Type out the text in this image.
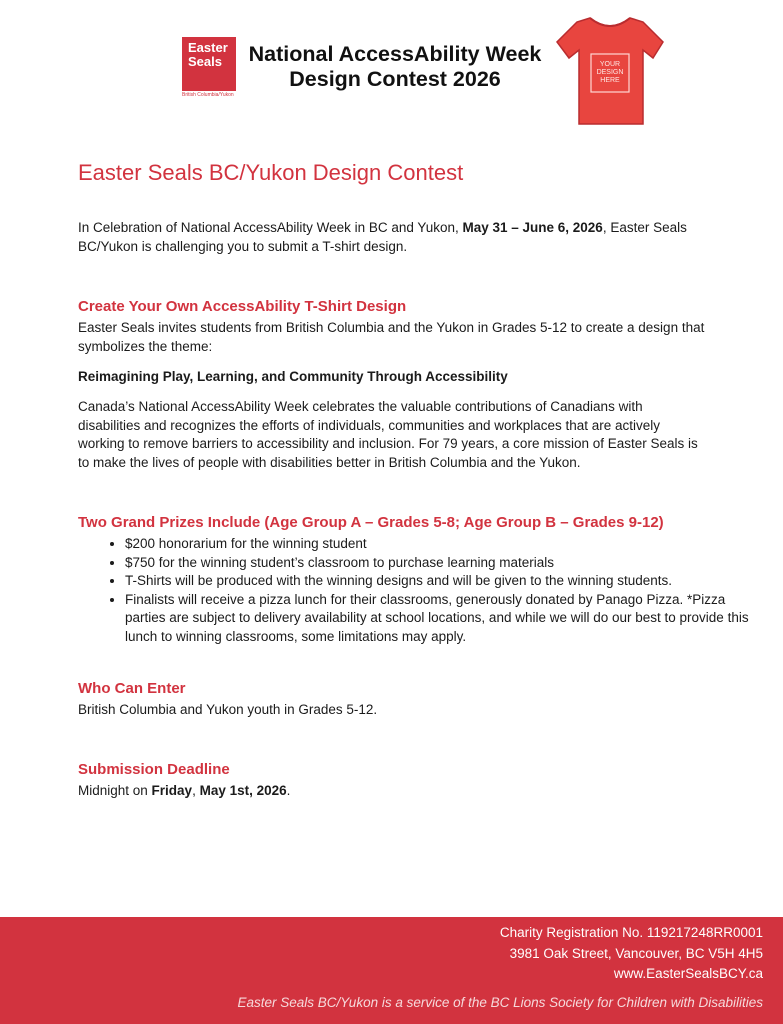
Easter
Seals
British Columbia/Yukon
National AccessAbility Week
Design Contest 2026
YOUR
DESIGN
HERE
Easter Seals BC/Yukon Design Contest

In Celebration of National AccessAbility Week in BC and Yukon, May 31 – June 6, 2026, Easter Seals BC/Yukon is challenging you to submit a T-shirt design.

Create Your Own AccessAbility T-Shirt Design

Easter Seals invites students from British Columbia and the Yukon in Grades 5-12 to create a design that symbolizes the theme:

Reimagining Play, Learning, and Community Through Accessibility

Canada’s National AccessAbility Week celebrates the valuable contributions of Canadians with disabilities and recognizes the efforts of individuals, communities and workplaces that are actively working to remove barriers to accessibility and inclusion. For 79 years, a core mission of Easter Seals is to make the lives of people with disabilities better in British Columbia and the Yukon.

Two Grand Prizes Include (Age Group A – Grades 5-8; Age Group B – Grades 9-12)
• $200 honorarium for the winning student
• $750 for the winning student’s classroom to purchase learning materials
• T-Shirts will be produced with the winning designs and will be given to the winning students.
• Finalists will receive a pizza lunch for their classrooms, generously donated by Panago Pizza. *Pizza parties are subject to delivery availability at school locations, and while we will do our best to provide this lunch to winning classrooms, some limitations may apply.
Who Can Enter

British Columbia and Yukon youth in Grades 5-12.

Submission Deadline

Midnight on Friday, May 1st, 2026.

Charity Registration No. 119217248RR0001
3981 Oak Street, Vancouver, BC V5H 4H5
www.EasterSealsBCY.ca
Easter Seals BC/Yukon is a service of the BC Lions Society for Children with Disabilities
